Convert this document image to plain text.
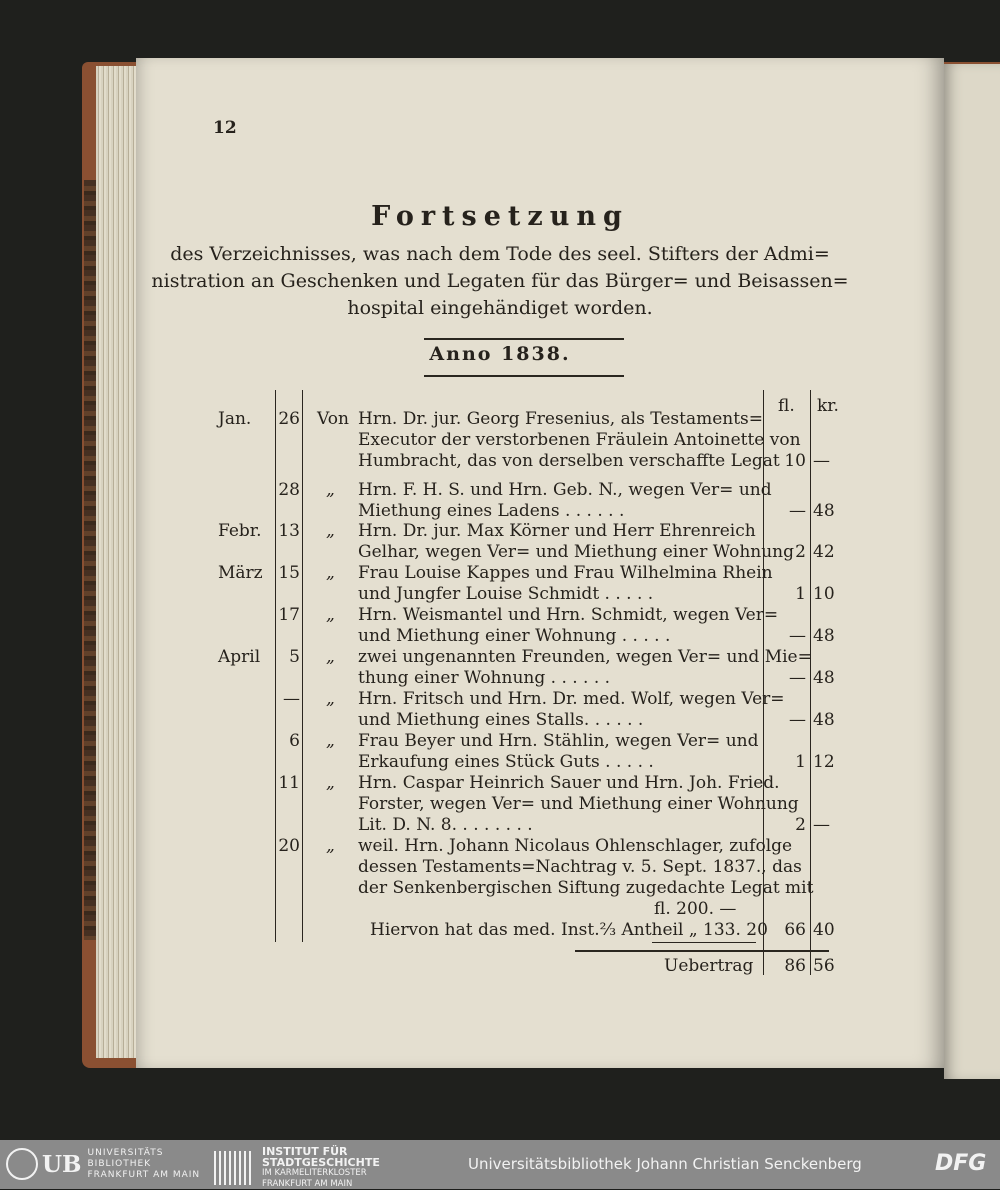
12
Fortsetzung
des Verzeichnisses, was nach dem Tode des seel. Stifters der Admi=
nistration an Geschenken und Legaten für das Bürger= und Beisassen=
hospital eingehändiget worden.
Anno 1838.
fl. kr.
Jan. 26 Von Hrn. Dr. jur. Georg Fresenius, als Testaments=
Executor der verstorbenen Fräulein Antoinette von
Humbracht, das von derselben verschaffte Legat 10 —
28 „ Hrn. F. H. S. und Hrn. Geb. N., wegen Ver= und
Miethung eines Ladens . . . . . .	— 48
Febr. 13 „ Hrn. Dr. jur. Max Körner und Herr Ehrenreich
Gelhar, wegen Ver= und Miethung einer Wohnung 2 42
März 15 „ Frau Louise Kappes und Frau Wilhelmina Rhein
und Jungfer Louise Schmidt . . . . .	1 10
17 „ Hrn. Weismantel und Hrn. Schmidt, wegen Ver=
und Miethung einer Wohnung . . . . .	— 48
April	5 „ zwei ungenannten Freunden, wegen Ver= und Mie=
thung einer Wohnung . . . . . .	— 48
— „ Hrn. Fritsch und Hrn. Dr. med. Wolf, wegen Ver=
und Miethung eines Stalls. . . . . .	— 48
6 „ Frau Beyer und Hrn. Stählin, wegen Ver= und
Erkaufung eines Stück Guts . . . . .	1 12
11 „ Hrn. Caspar Heinrich Sauer und Hrn. Joh. Fried.
Forster, wegen Ver= und Miethung einer Wohnung
Lit. D. N. 8. . . . . . . .	2 —
20 „ weil. Hrn. Johann Nicolaus Ohlenschlager, zufolge
dessen Testaments=Nachtrag v. 5. Sept. 1837., das
der Senkenbergischen Siftung zugedachte Legat mit
fl. 200. —
Hiervon hat das med. Inst.⅔ Antheil „ 133. 20 66 40
Uebertrag	86 56
UB UNIVERSITÄTS
BIBLIOTHEK
FRANKFURT AM MAIN
INSTITUT FÜR
STADTGESCHICHTE
IM KARMELITERKLOSTER
FRANKFURT AM MAIN
Universitätsbibliothek Johann Christian Senckenberg	DFG
